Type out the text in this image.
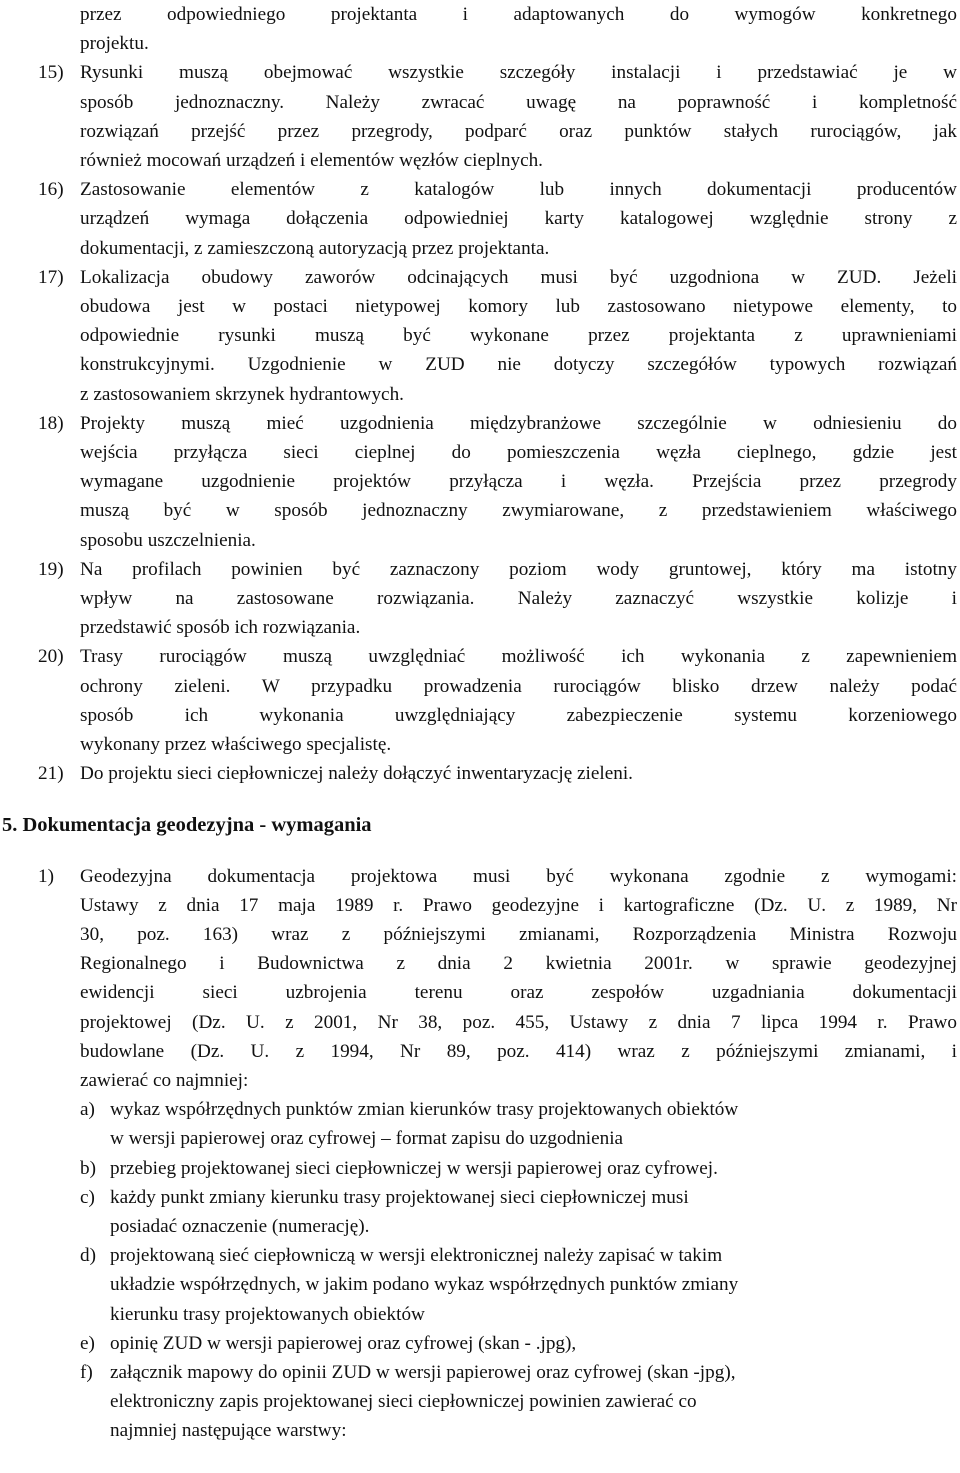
przez odpowiedniego projektanta i adaptowanych do wymogów konkretnego
projektu.
15) Rysunki muszą obejmować wszystkie szczegóły instalacji i przedstawiać je w
sposób jednoznaczny. Należy zwracać uwagę na poprawność i kompletność
rozwiązań przejść przez przegrody, podparć oraz punktów stałych rurociągów, jak
również mocowań urządzeń i elementów węzłów cieplnych.
16) Zastosowanie elementów z katalogów lub innych dokumentacji producentów
urządzeń wymaga dołączenia odpowiedniej karty katalogowej względnie strony z
dokumentacji, z zamieszczoną autoryzacją przez projektanta.
17) Lokalizacja obudowy zaworów odcinających musi być uzgodniona w ZUD. Jeżeli
obudowa jest w postaci nietypowej komory lub zastosowano nietypowe elementy, to
odpowiednie rysunki muszą być wykonane przez projektanta z uprawnieniami
konstrukcyjnymi. Uzgodnienie w ZUD nie dotyczy szczegółów typowych rozwiązań
z zastosowaniem skrzynek hydrantowych.
18) Projekty muszą mieć uzgodnienia międzybranżowe szczególnie w odniesieniu do
wejścia przyłącza sieci cieplnej do pomieszczenia węzła cieplnego, gdzie jest
wymagane uzgodnienie projektów przyłącza i węzła. Przejścia przez przegrody
muszą być w sposób jednoznaczny zwymiarowane, z przedstawieniem właściwego
sposobu uszczelnienia.
19) Na profilach powinien być zaznaczony poziom wody gruntowej, który ma istotny
wpływ na zastosowane rozwiązania. Należy zaznaczyć wszystkie kolizje i
przedstawić sposób ich rozwiązania.
20) Trasy rurociągów muszą uwzględniać możliwość ich wykonania z zapewnieniem
ochrony zieleni. W przypadku prowadzenia rurociągów blisko drzew należy podać
sposób ich wykonania uwzględniający zabezpieczenie systemu korzeniowego
wykonany przez właściwego specjalistę.
21) Do projektu sieci ciepłowniczej należy dołączyć inwentaryzację zieleni.
5. Dokumentacja geodezyjna - wymagania
1) Geodezyjna dokumentacja projektowa musi być wykonana zgodnie z wymogami:
Ustawy z dnia 17 maja 1989 r. Prawo geodezyjne i kartograficzne (Dz. U. z 1989, Nr
30, poz. 163) wraz z późniejszymi zmianami, Rozporządzenia Ministra Rozwoju
Regionalnego i Budownictwa z dnia 2 kwietnia 2001r. w sprawie geodezyjnej
ewidencji sieci uzbrojenia terenu oraz zespołów uzgadniania dokumentacji
projektowej (Dz. U. z 2001, Nr 38, poz. 455, Ustawy z dnia 7 lipca 1994 r. Prawo
budowlane (Dz. U. z 1994, Nr 89, poz. 414) wraz z późniejszymi zmianami, i
zawierać co najmniej:
a) wykaz współrzędnych punktów zmian kierunków trasy projektowanych obiektów
w wersji papierowej oraz cyfrowej – format zapisu do uzgodnienia
b) przebieg projektowanej sieci ciepłowniczej w wersji papierowej oraz cyfrowej.
c) każdy punkt zmiany kierunku trasy projektowanej sieci ciepłowniczej musi
posiadać oznaczenie (numerację).
d) projektowaną sieć ciepłowniczą w wersji elektronicznej należy zapisać w takim
układzie współrzędnych, w jakim podano wykaz współrzędnych punktów zmiany
kierunku trasy projektowanych obiektów
e) opinię ZUD w wersji papierowej oraz cyfrowej (skan - .jpg),
f) załącznik mapowy do opinii ZUD w wersji papierowej oraz cyfrowej (skan -jpg),
elektroniczny zapis projektowanej sieci ciepłowniczej powinien zawierać co
najmniej następujące warstwy:
